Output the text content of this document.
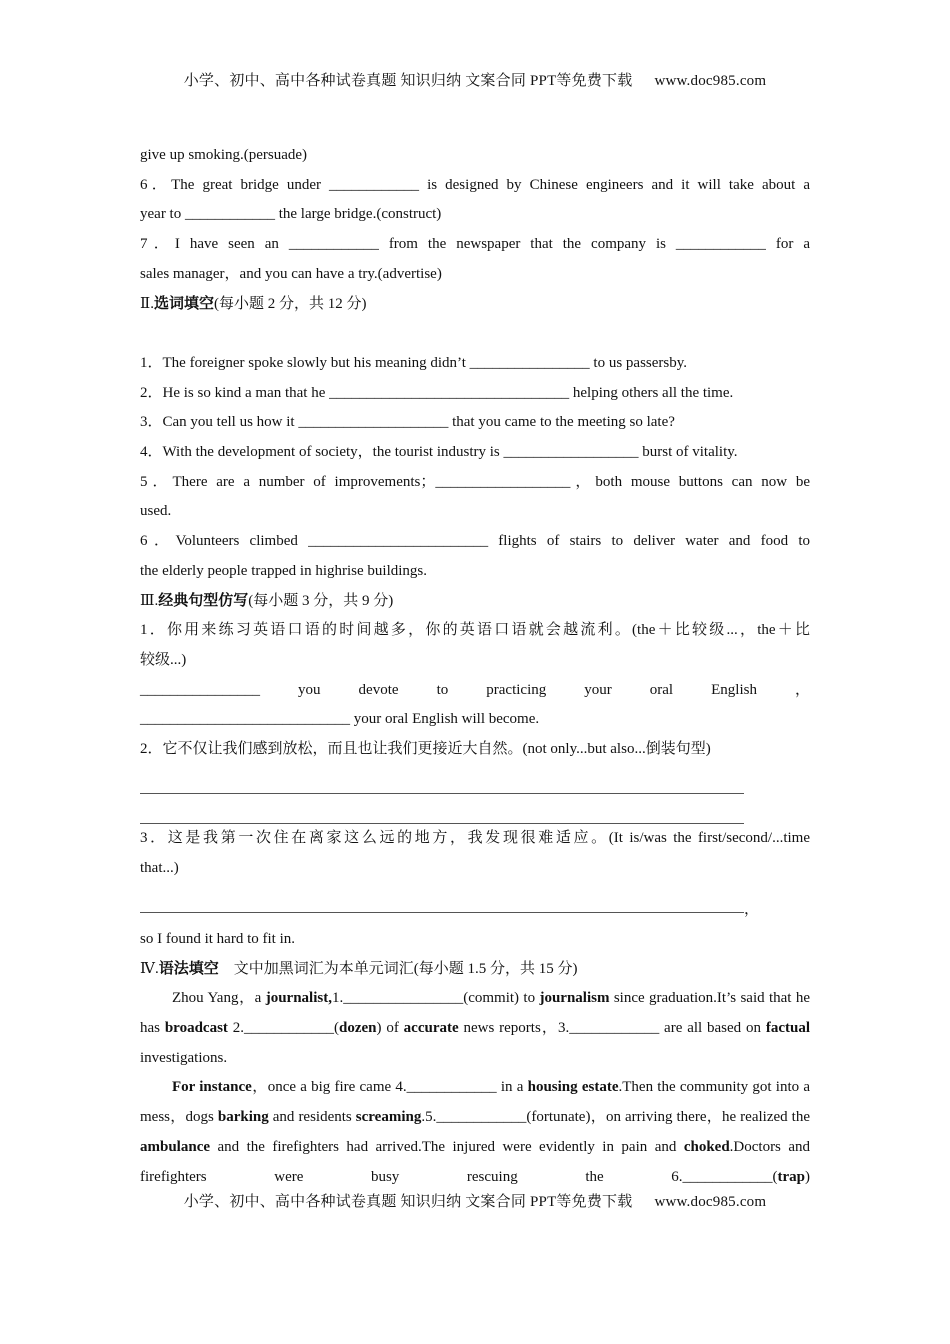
小学、初中、高中各种试卷真题 知识归纳 文案合同 PPT等免费下载 www.doc985.com
give up smoking.(persuade)
6．The great bridge under ____________ is designed by Chinese engineers and it will take about a
year to ____________ the large bridge.(construct)
7．I have seen an ____________ from the newspaper that the company is ____________ for a
sales manager，and you can have a try.(advertise)
Ⅱ.选词填空(每小题 2 分，共 12 分)
1．The foreigner spoke slowly but his meaning didn’t ________________ to us passersby.
2．He is so kind a man that he ________________________________ helping others all the time.
3．Can you tell us how it ____________________ that you came to the meeting so late?
4．With the development of society，the tourist industry is __________________ burst of vitality.
5．There are a number of improvements；__________________，both mouse buttons can now be
used.
6．Volunteers climbed ________________________ flights of stairs to deliver water and food to
the elderly people trapped in highrise buildings.
Ⅲ.经典句型仿写(每小题 3 分，共 9 分)
1．你用来练习英语口语的时间越多，你的英语口语就会越流利。(the＋比较级...，the＋比
较级...)
________________ you devote to practicing your oral English ，
____________________________ your oral English will become.
2．它不仅让我们感到放松，而且也让我们更接近大自然。(not only...but also...倒装句型)
3．这是我第一次住在离家这么远的地方，我发现很难适应。(It is/was the first/second/...time
that...)
，
so I found it hard to fit in.
Ⅳ.语法填空 文中加黑词汇为本单元词汇(每小题 1.5 分，共 15 分)
Zhou Yang，a journalist,1.________________(commit) to journalism since graduation.It’s said that he has broadcast 2.____________(dozen) of accurate news reports，3.____________ are all based on factual investigations.
For instance，once a big fire came 4.____________ in a housing estate.Then the community got into a mess，dogs barking and residents screaming.5.____________(fortunate)，on arriving there，he realized the ambulance and the firefighters had arrived.The injured were evidently in pain and choked.Doctors and firefighters were busy rescuing the 6.____________(trap)
小学、初中、高中各种试卷真题 知识归纳 文案合同 PPT等免费下载 www.doc985.com
